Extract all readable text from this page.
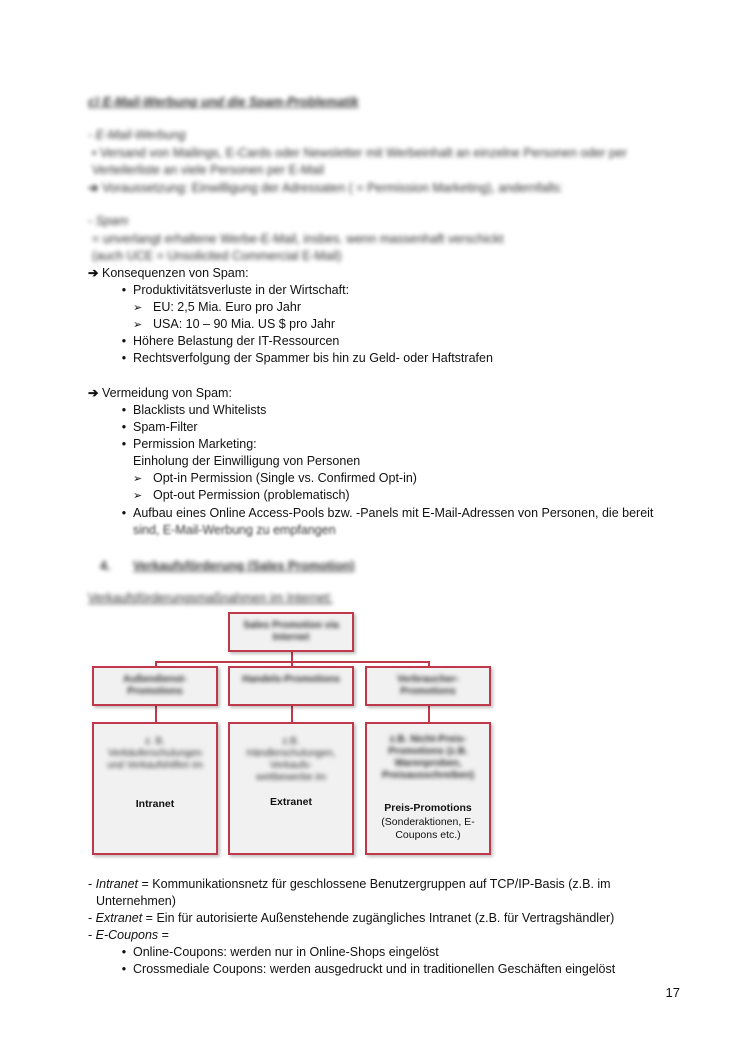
c) E-Mail-Werbung und die Spam-Problematik
- E-Mail-Werbung
• Versand von Mailings, E-Cards oder Newsletter mit Werbeinhalt an einzelne Personen oder per
Verteilerliste an viele Personen per E-Mail
➔ Voraussetzung: Einwilligung der Adressaten ( = Permission Marketing), andernfalls:
- Spam
= unverlangt erhaltene Werbe-E-Mail, insbes. wenn massenhaft verschickt
(auch UCE = Unsolicited Commercial E-Mail)
➔ Konsequenzen von Spam:
• Produktivitätsverluste in der Wirtschaft:
➢ EU: 2,5 Mia. Euro pro Jahr
➢ USA: 10 – 90 Mia. US $ pro Jahr
• Höhere Belastung der IT-Ressourcen
• Rechtsverfolgung der Spammer bis hin zu Geld- oder Haftstrafen
➔ Vermeidung von Spam:
• Blacklists und Whitelists
• Spam-Filter
• Permission Marketing:
Einholung der Einwilligung von Personen
➢ Opt-in Permission (Single vs. Confirmed Opt-in)
➢ Opt-out Permission (problematisch)
• Aufbau eines Online Access-Pools bzw. -Panels mit E-Mail-Adressen von Personen, die bereit
sind, E-Mail-Werbung zu empfangen
4. Verkaufsförderung (Sales Promotion)
Verkaufsförderungsmaßnahmen im Internet:
Sales Promotion via Internet
Außendienst-Promotions
Handels-Promotions	Verbraucher-Promotions
z. B. Verkäuferschulungen und Verkaufshilfen im
Intranet
z.B. Händlerschulungen, Verkaufs-wettbewerbe im
Extranet
z.B. Nicht-Preis-Promotions (z.B. Warenproben, Preisausschreiben)
Preis-Promotions
(Sonderaktionen, E-Coupons etc.)
- Intranet = Kommunikationsnetz für geschlossene Benutzergruppen auf TCP/IP-Basis (z.B. im
Unternehmen)
- Extranet = Ein für autorisierte Außenstehende zugängliches Intranet (z.B. für Vertragshändler)
- E-Coupons =
• Online-Coupons: werden nur in Online-Shops eingelöst
• Crossmediale Coupons: werden ausgedruckt und in traditionellen Geschäften eingelöst
17
